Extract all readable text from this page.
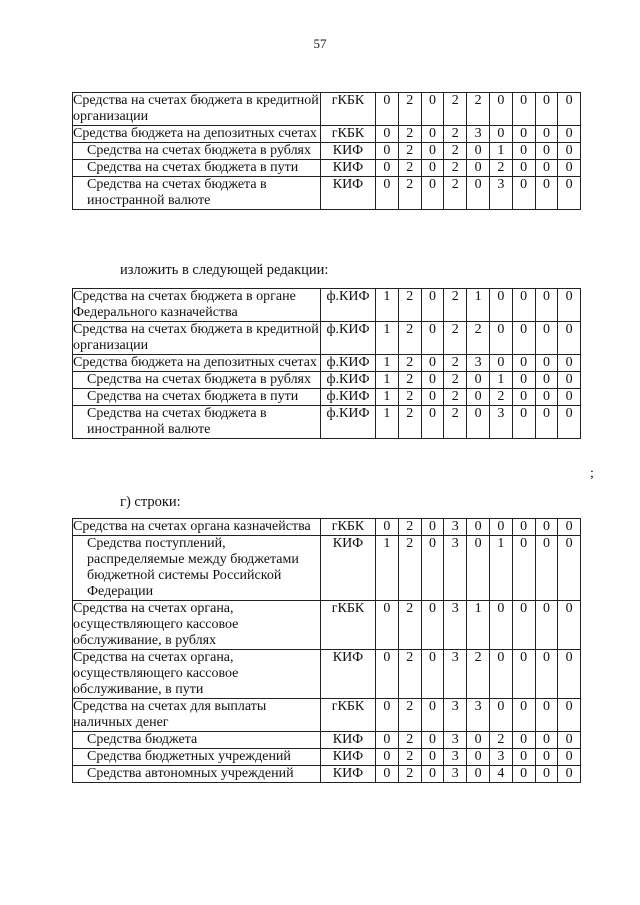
57
Средства на счетах бюджета в кредитной организации	гКБК	0	2	0	2	2	0	0	0	0
Средства бюджета на депозитных счетах	гКБК	0	2	0	2	3	0	0	0	0
Средства на счетах бюджета в рублях	КИФ	0	2	0	2	0	1	0	0	0
Средства на счетах бюджета в пути	КИФ	0	2	0	2	0	2	0	0	0
Средства на счетах бюджета в иностранной валюте	КИФ	0	2	0	2	0	3	0	0	0
изложить в следующей редакции:
Средства на счетах бюджета в органе Федерального казначейства	ф.КИФ	1	2	0	2	1	0	0	0	0
Средства на счетах бюджета в кредитной организации	ф.КИФ	1	2	0	2	2	0	0	0	0
Средства бюджета на депозитных счетах	ф.КИФ	1	2	0	2	3	0	0	0	0
Средства на счетах бюджета в рублях	ф.КИФ	1	2	0	2	0	1	0	0	0
Средства на счетах бюджета в пути	ф.КИФ	1	2	0	2	0	2	0	0	0
Средства на счетах бюджета в иностранной валюте	ф.КИФ	1	2	0	2	0	3	0	0	0
;
г) строки:
Средства на счетах органа казначейства	гКБК	0	2	0	3	0	0	0	0	0
Средства поступлений, распределяемые между бюджетами бюджетной системы Российской Федерации	КИФ	1	2	0	3	0	1	0	0	0
Средства на счетах органа, осуществляющего кассовое обслуживание, в рублях	гКБК	0	2	0	3	1	0	0	0	0
Средства на счетах органа, осуществляющего кассовое обслуживание, в пути	КИФ	0	2	0	3	2	0	0	0	0
Средства на счетах для выплаты наличных денег	гКБК	0	2	0	3	3	0	0	0	0
Средства бюджета	КИФ	0	2	0	3	0	2	0	0	0
Средства бюджетных учреждений	КИФ	0	2	0	3	0	3	0	0	0
Средства автономных учреждений	КИФ	0	2	0	3	0	4	0	0	0
